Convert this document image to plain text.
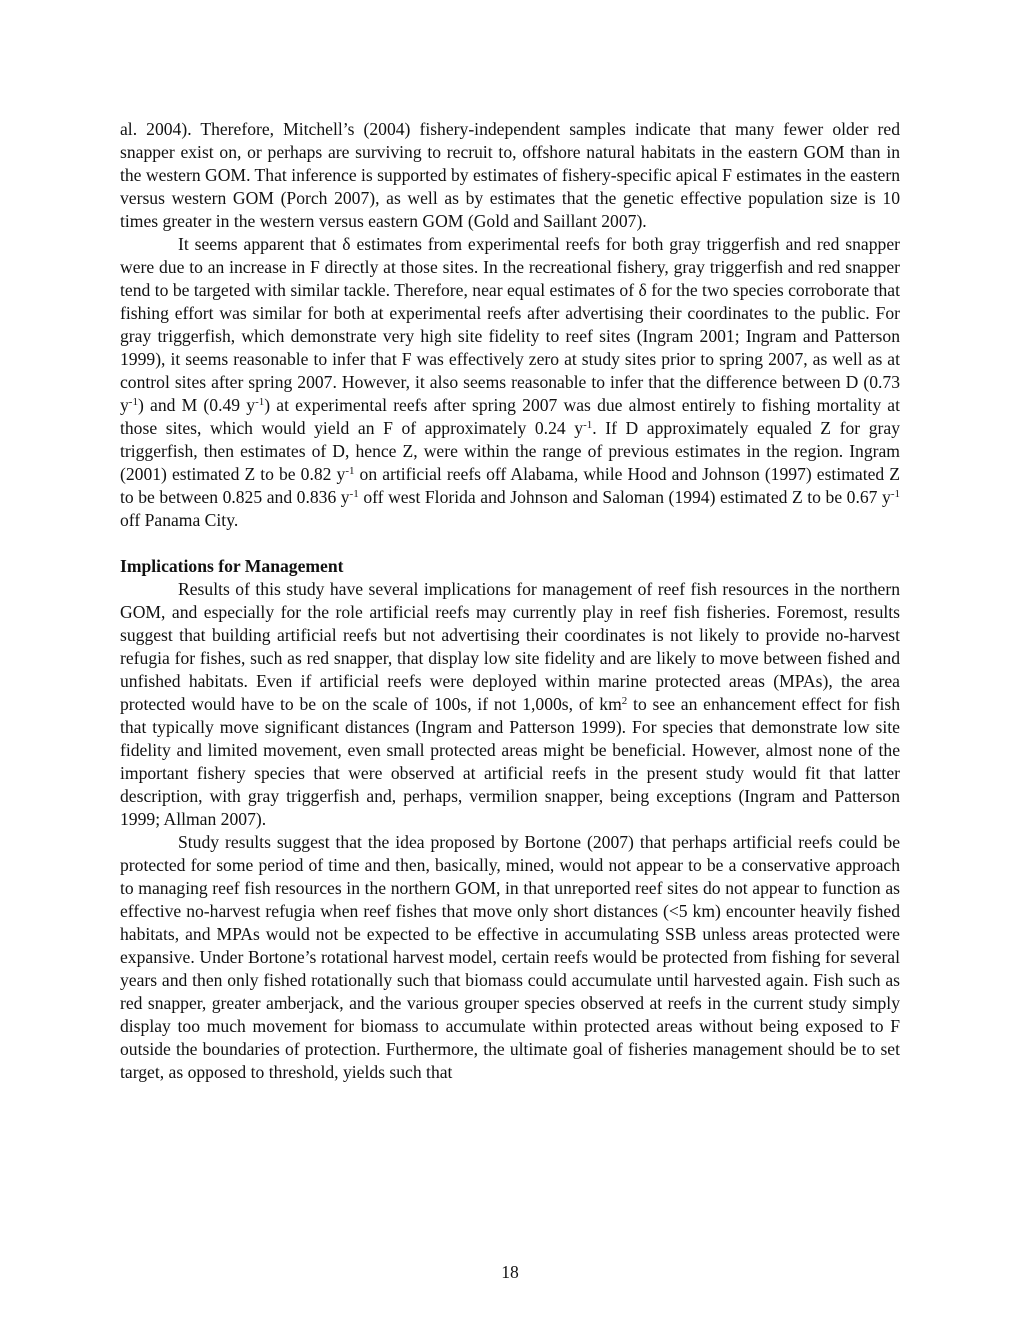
al. 2004). Therefore, Mitchell’s (2004) fishery-independent samples indicate that many fewer older red snapper exist on, or perhaps are surviving to recruit to, offshore natural habitats in the eastern GOM than in the western GOM. That inference is supported by estimates of fishery-specific apical F estimates in the eastern versus western GOM (Porch 2007), as well as by estimates that the genetic effective population size is 10 times greater in the western versus eastern GOM (Gold and Saillant 2007).

It seems apparent that δ estimates from experimental reefs for both gray triggerfish and red snapper were due to an increase in F directly at those sites. In the recreational fishery, gray triggerfish and red snapper tend to be targeted with similar tackle. Therefore, near equal estimates of δ for the two species corroborate that fishing effort was similar for both at experimental reefs after advertising their coordinates to the public. For gray triggerfish, which demonstrate very high site fidelity to reef sites (Ingram 2001; Ingram and Patterson 1999), it seems reasonable to infer that F was effectively zero at study sites prior to spring 2007, as well as at control sites after spring 2007. However, it also seems reasonable to infer that the difference between D (0.73 $y^{-1}$) and M (0.49 $y^{-1}$) at experimental reefs after spring 2007 was due almost entirely to fishing mortality at those sites, which would yield an F of approximately 0.24 $y^{-1}$. If D approximately equaled Z for gray triggerfish, then estimates of D, hence Z, were within the range of previous estimates in the region. Ingram (2001) estimated Z to be 0.82 $y^{-1}$ on artificial reefs off Alabama, while Hood and Johnson (1997) estimated Z to be between 0.825 and 0.836 $y^{-1}$ off west Florida and Johnson and Saloman (1994) estimated Z to be 0.67 $y^{-1}$ off Panama City.

Implications for Management

Results of this study have several implications for management of reef fish resources in the northern GOM, and especially for the role artificial reefs may currently play in reef fish fisheries. Foremost, results suggest that building artificial reefs but not advertising their coordinates is not likely to provide no-harvest refugia for fishes, such as red snapper, that display low site fidelity and are likely to move between fished and unfished habitats. Even if artificial reefs were deployed within marine protected areas (MPAs), the area protected would have to be on the scale of 100s, if not 1,000s, of $km^2$ to see an enhancement effect for fish that typically move significant distances (Ingram and Patterson 1999). For species that demonstrate low site fidelity and limited movement, even small protected areas might be beneficial. However, almost none of the important fishery species that were observed at artificial reefs in the present study would fit that latter description, with gray triggerfish and, perhaps, vermilion snapper, being exceptions (Ingram and Patterson 1999; Allman 2007).

Study results suggest that the idea proposed by Bortone (2007) that perhaps artificial reefs could be protected for some period of time and then, basically, mined, would not appear to be a conservative approach to managing reef fish resources in the northern GOM, in that unreported reef sites do not appear to function as effective no-harvest refugia when reef fishes that move only short distances (<5 km) encounter heavily fished habitats, and MPAs would not be expected to be effective in accumulating SSB unless areas protected were expansive. Under Bortone’s rotational harvest model, certain reefs would be protected from fishing for several years and then only fished rotationally such that biomass could accumulate until harvested again. Fish such as red snapper, greater amberjack, and the various grouper species observed at reefs in the current study simply display too much movement for biomass to accumulate within protected areas without being exposed to F outside the boundaries of protection. Furthermore, the ultimate goal of fisheries management should be to set target, as opposed to threshold, yields such that

18
